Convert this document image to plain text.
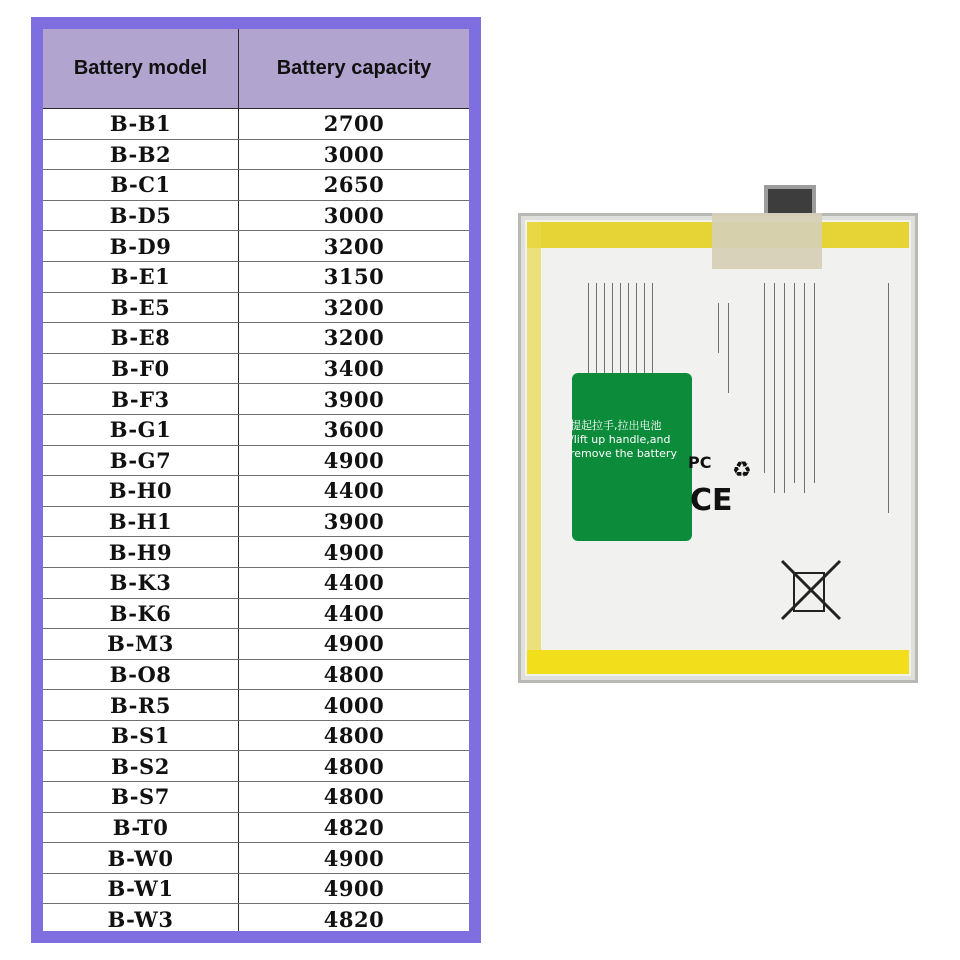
Battery model	Battery capacity
B-B1	2700
B-B2	3000
B-C1	2650
B-D5	3000
B-D9	3200
B-E1	3150
B-E5	3200
B-E8	3200
B-F0	3400
B-F3	3900
B-G1	3600
B-G7	4900
B-H0	4400
B-H1	3900
B-H9	4900
B-K3	4400
B-K6	4400
B-M3	4900
B-O8	4800
B-R5	4000
B-S1	4800
B-S2	4800
B-S7	4800
B-T0	4820
B-W0	4900
B-W1	4900
B-W3	4820
提起拉手,拉出电池
/lift up handle,and
remove the battery
CE
PC ♻
